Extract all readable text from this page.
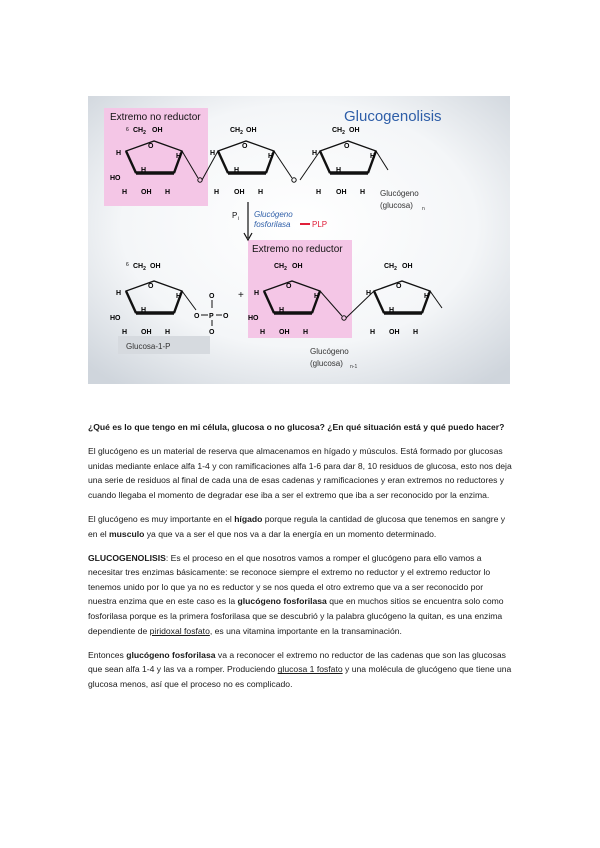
Extremo no reductor
Extremo no reductor
Glucogenolisis
$CH_2$
6	OH
O
H
HO
H
OH
H
H
H
$CH_2$ OH
O
H
H
OH
H
H
H
$CH_2$ OH
O
H
H
OH
H
H
H	Glucógeno
(glucosa) n
P i Glucógeno
fosforilasa	PLP
6 $CH_2$ OH
O
H
HO
H
OH
H
H
H
O P
O
O
O
Glucosa-1-P
+
$CH_2$ OH
O
H
HO
H
OH
H
H
H
$CH_2$ OH
O
H
H
OH
H
H
H
Glucógeno
(glucosa) n-1

¿Qué es lo que tengo en mi célula, glucosa o no glucosa? ¿En qué situación está y qué puedo hacer?

El glucógeno es un material de reserva que almacenamos en hígado y músculos. Está formado por glucosas unidas mediante enlace alfa 1-4 y con ramificaciones alfa 1-6 para dar 8, 10 residuos de glucosa, esto nos deja una serie de residuos al final de cada una de esas cadenas y ramificaciones y eran extremos no reductores y cuando llegaba el momento de degradar ese iba a ser el extremo que iba a ser reconocido por la enzima.

El glucógeno es muy importante en el hígado porque regula la cantidad de glucosa que tenemos en sangre y en el musculo ya que va a ser el que nos va a dar la energía en un momento determinado.

GLUCOGENOLISIS: Es el proceso en el que nosotros vamos a romper el glucógeno para ello vamos a necesitar tres enzimas básicamente: se reconoce siempre el extremo no reductor y el extremo reductor lo tenemos unido por lo que ya no es reductor y se nos queda el otro extremo que va a ser reconocido por nuestra enzima que en este caso es la glucógeno fosforilasa que en muchos sitios se encuentra solo como fosforilasa porque es la primera fosforilasa que se descubrió y la palabra glucógeno la quitan, es una enzima dependiente de piridoxal fosfato, es una vitamina importante en la transaminación.

Entonces glucógeno fosforilasa va a reconocer el extremo no reductor de las cadenas que son las glucosas que sean alfa 1-4 y las va a romper. Produciendo glucosa 1 fosfato y una molécula de glucógeno que tiene una glucosa menos, así que el proceso no es complicado.
